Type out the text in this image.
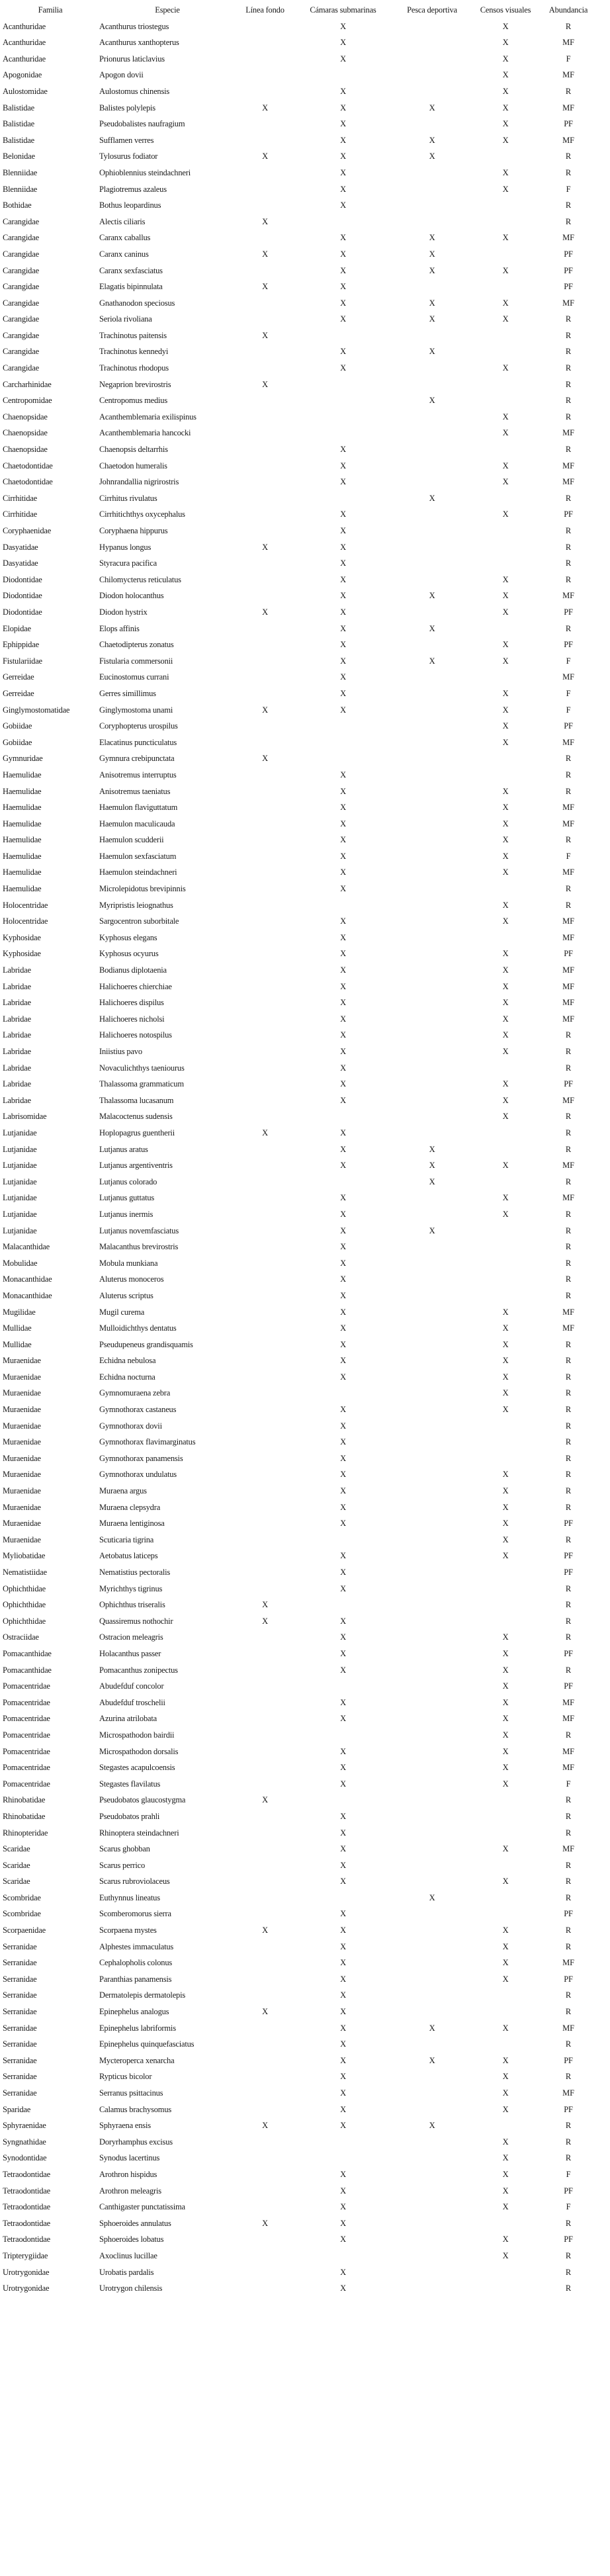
Familia	Especie	Línea fondo	Cámaras submarinas	Pesca deportiva	Censos visuales	Abundancia
Acanthuridae	Acanthurus triostegus		X		X	R
Acanthuridae	Acanthurus xanthopterus		X		X	MF
Acanthuridae	Prionurus laticlavius		X		X	F
Apogonidae	Apogon dovii				X	MF
Aulostomidae	Aulostomus chinensis		X		X	R
Balistidae	Balistes polylepis	X	X	X	X	MF
Balistidae	Pseudobalistes naufragium		X		X	PF
Balistidae	Sufflamen verres		X	X	X	MF
Belonidae	Tylosurus fodiator	X	X	X		R
Blenniidae	Ophioblennius steindachneri		X		X	R
Blenniidae	Plagiotremus azaleus		X		X	F
Bothidae	Bothus leopardinus		X			R
Carangidae	Alectis ciliaris	X				R
Carangidae	Caranx caballus		X	X	X	MF
Carangidae	Caranx caninus	X	X	X		PF
Carangidae	Caranx sexfasciatus		X	X	X	PF
Carangidae	Elagatis bipinnulata	X	X			PF
Carangidae	Gnathanodon speciosus		X	X	X	MF
Carangidae	Seriola rivoliana		X	X	X	R
Carangidae	Trachinotus paitensis	X				R
Carangidae	Trachinotus kennedyi		X	X		R
Carangidae	Trachinotus rhodopus		X		X	R
Carcharhinidae	Negaprion brevirostris	X				R
Centropomidae	Centropomus medius			X		R
Chaenopsidae	Acanthemblemaria exilispinus				X	R
Chaenopsidae	Acanthemblemaria hancocki				X	MF
Chaenopsidae	Chaenopsis deltarrhis		X			R
Chaetodontidae	Chaetodon humeralis		X		X	MF
Chaetodontidae	Johnrandallia nigrirostris		X		X	MF
Cirrhitidae	Cirrhitus rivulatus			X		R
Cirrhitidae	Cirrhitichthys oxycephalus		X		X	PF
Coryphaenidae	Coryphaena hippurus		X			R
Dasyatidae	Hypanus longus	X	X			R
Dasyatidae	Styracura pacifica		X			R
Diodontidae	Chilomycterus reticulatus		X		X	R
Diodontidae	Diodon holocanthus		X	X	X	MF
Diodontidae	Diodon hystrix	X	X		X	PF
Elopidae	Elops affinis		X	X		R
Ephippidae	Chaetodipterus zonatus		X		X	PF
Fistulariidae	Fistularia commersonii		X	X	X	F
Gerreidae	Eucinostomus currani		X			MF
Gerreidae	Gerres simillimus		X		X	F
Ginglymostomatidae	Ginglymostoma unami	X	X		X	F
Gobiidae	Coryphopterus urospilus				X	PF
Gobiidae	Elacatinus puncticulatus				X	MF
Gymnuridae	Gymnura crebipunctata	X				R
Haemulidae	Anisotremus interruptus		X			R
Haemulidae	Anisotremus taeniatus		X		X	R
Haemulidae	Haemulon flaviguttatum		X		X	MF
Haemulidae	Haemulon maculicauda		X		X	MF
Haemulidae	Haemulon scudderii		X		X	R
Haemulidae	Haemulon sexfasciatum		X		X	F
Haemulidae	Haemulon steindachneri		X		X	MF
Haemulidae	Microlepidotus brevipinnis		X			R
Holocentridae	Myripristis leiognathus				X	R
Holocentridae	Sargocentron suborbitale		X		X	MF
Kyphosidae	Kyphosus elegans		X			MF
Kyphosidae	Kyphosus ocyurus		X		X	PF
Labridae	Bodianus diplotaenia		X		X	MF
Labridae	Halichoeres chierchiae		X		X	MF
Labridae	Halichoeres dispilus		X		X	MF
Labridae	Halichoeres nicholsi		X		X	MF
Labridae	Halichoeres notospilus		X		X	R
Labridae	Iniistius pavo		X		X	R
Labridae	Novaculichthys taeniourus		X			R
Labridae	Thalassoma grammaticum		X		X	PF
Labridae	Thalassoma lucasanum		X		X	MF
Labrisomidae	Malacoctenus sudensis				X	R
Lutjanidae	Hoplopagrus guentherii	X	X			R
Lutjanidae	Lutjanus aratus		X	X		R
Lutjanidae	Lutjanus argentiventris		X	X	X	MF
Lutjanidae	Lutjanus colorado			X		R
Lutjanidae	Lutjanus guttatus		X		X	MF
Lutjanidae	Lutjanus inermis		X		X	R
Lutjanidae	Lutjanus novemfasciatus		X	X		R
Malacanthidae	Malacanthus brevirostris		X			R
Mobulidae	Mobula munkiana		X			R
Monacanthidae	Aluterus monoceros		X			R
Monacanthidae	Aluterus scriptus		X			R
Mugilidae	Mugil curema		X		X	MF
Mullidae	Mulloidichthys dentatus		X		X	MF
Mullidae	Pseudupeneus grandisquamis		X		X	R
Muraenidae	Echidna nebulosa		X		X	R
Muraenidae	Echidna nocturna		X		X	R
Muraenidae	Gymnomuraena zebra				X	R
Muraenidae	Gymnothorax castaneus		X		X	R
Muraenidae	Gymnothorax dovii		X			R
Muraenidae	Gymnothorax flavimarginatus		X			R
Muraenidae	Gymnothorax panamensis		X			R
Muraenidae	Gymnothorax undulatus		X		X	R
Muraenidae	Muraena argus		X		X	R
Muraenidae	Muraena clepsydra		X		X	R
Muraenidae	Muraena lentiginosa		X		X	PF
Muraenidae	Scuticaria tigrina				X	R
Myliobatidae	Aetobatus laticeps		X		X	PF
Nematistiidae	Nematistius pectoralis		X			PF
Ophichthidae	Myrichthys tigrinus		X			R
Ophichthidae	Ophichthus triseralis	X				R
Ophichthidae	Quassiremus nothochir	X	X			R
Ostraciidae	Ostracion meleagris		X		X	R
Pomacanthidae	Holacanthus passer		X		X	PF
Pomacanthidae	Pomacanthus zonipectus		X		X	R
Pomacentridae	Abudefduf concolor				X	PF
Pomacentridae	Abudefduf troschelii		X		X	MF
Pomacentridae	Azurina atrilobata		X		X	MF
Pomacentridae	Microspathodon bairdii				X	R
Pomacentridae	Microspathodon dorsalis		X		X	MF
Pomacentridae	Stegastes acapulcoensis		X		X	MF
Pomacentridae	Stegastes flavilatus		X		X	F
Rhinobatidae	Pseudobatos glaucostygma	X				R
Rhinobatidae	Pseudobatos prahli		X			R
Rhinopteridae	Rhinoptera steindachneri		X			R
Scaridae	Scarus ghobban		X		X	MF
Scaridae	Scarus perrico		X			R
Scaridae	Scarus rubroviolaceus		X		X	R
Scombridae	Euthynnus lineatus			X		R
Scombridae	Scomberomorus sierra		X			PF
Scorpaenidae	Scorpaena mystes	X	X		X	R
Serranidae	Alphestes immaculatus		X		X	R
Serranidae	Cephalopholis colonus		X		X	MF
Serranidae	Paranthias panamensis		X		X	PF
Serranidae	Dermatolepis dermatolepis		X			R
Serranidae	Epinephelus analogus	X	X			R
Serranidae	Epinephelus labriformis		X	X	X	MF
Serranidae	Epinephelus quinquefasciatus		X			R
Serranidae	Mycteroperca xenarcha		X	X	X	PF
Serranidae	Rypticus bicolor		X		X	R
Serranidae	Serranus psittacinus		X		X	MF
Sparidae	Calamus brachysomus		X		X	PF
Sphyraenidae	Sphyraena ensis	X	X	X		R
Syngnathidae	Doryrhamphus excisus				X	R
Synodontidae	Synodus lacertinus				X	R
Tetraodontidae	Arothron hispidus		X		X	F
Tetraodontidae	Arothron meleagris		X		X	PF
Tetraodontidae	Canthigaster punctatissima		X		X	F
Tetraodontidae	Sphoeroides annulatus	X	X			R
Tetraodontidae	Sphoeroides lobatus		X		X	PF
Tripterygiidae	Axoclinus lucillae				X	R
Urotrygonidae	Urobatis pardalis		X			R
Urotrygonidae	Urotrygon chilensis		X			R
